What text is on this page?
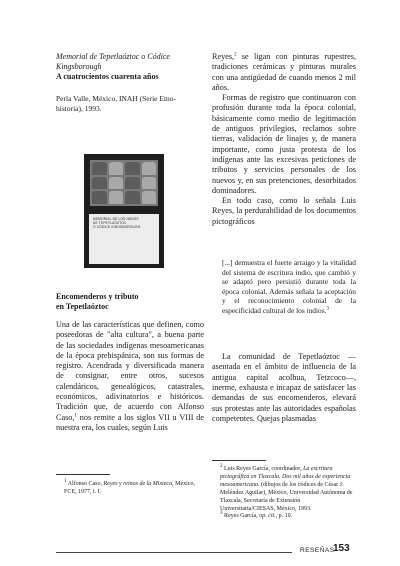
Memorial de Tepetlaóztoc o Códice Kingsborough
A cuatrocientos cuarenta años
Perla Valle, México, INAH (Serie Etno-
historia), 1993.
MEMORIAL DE LOS INDIOS
DE TEPETLAÓZTOC
O CÓDICE KINGSBOROUGH
Encomenderos y tributo
en Tepetlaóztoc

Una de las características que definen, como poseedoras de "alta cultura", a buena parte de las sociedades indígenas mesoamericanas de la época prehispánica, son sus formas de registro. Acendrada y diversificada manera de consignar, entre otros, sucesos calendáricos, genealógicos, catastrales, económicos, adivinatorios e históricos. Tradición que, de acuerdo con Alfonso Caso,$^1$ nos remite a los siglos VII u VIII de nuestra era, los cuales, según Luis

$^1$ Alfonso Caso, Reyes y reinos de la Mixteca, México, FCE, 1977, t. I.

Reyes,$^2$ se ligan con pinturas rupestres, tradiciones cerámicas y pinturas murales con una antigüedad de cuando menos 2 mil años.

Formas de registro que continuaron con profusión durante toda la época colonial, básicamente como medio de legitimación de antiguos privilegios, reclamos sobre tierras, validación de linajes y, de manera importante, como justa protesta de los indígenas ante las excesivas peticiones de tributos y servicios personales de los nuevos y, en sus pretenciones, desorbitados dominadores.

En todo caso, como lo señala Luis Reyes, la perdurabilidad de los documentos pictográficos

[...] demuestra el fuerte arraigo y la vitalidad del sistema de escritura indio, que cambió y se adaptó pero persistió durante toda la época colonial. Además señala la aceptación y el reconocimiento colonial de la especificidad cultural de los indios.$^3$

La comunidad de Tepetlaóztoc —asentada en el ámbito de influencia de la antigua capital acolhua, Tetzcoco—, inerme, exhausta e incapaz de satisfacer las demandas de sus encomenderos, elevará sus protestas ante las autoridades españolas competentes. Quejas plasmadas

$^2$ Luis Reyes García, coordinador, La escritura pictográfica en Tlaxcala. Dos mil años de experiencia mesoamericana. (dibujos de los códices de César J. Meléndez Aguilar), México, Universidad Autónoma de Tlaxcala, Secretaría de Extensión Universitaria/CIESAS, México, 1993.

$^3$ Reyes García, op. cit., p. 10.

RESEÑAS
153
